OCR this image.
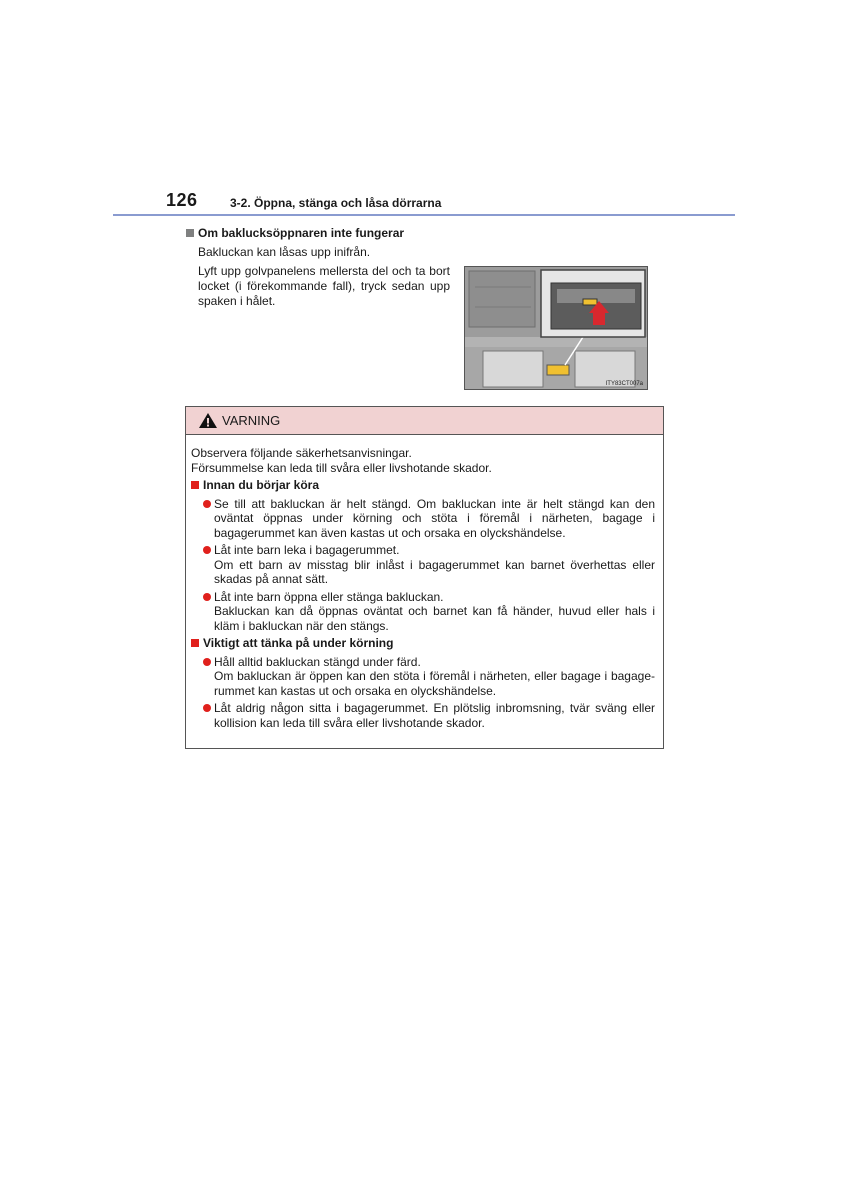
126	3-2. Öppna, stänga och låsa dörrarna
Om baklucksöppnaren inte fungerar
Bakluckan kan låsas upp inifrån.
Lyft upp golvpanelens mellersta del och ta bort locket (i förekommande fall), tryck sedan upp spaken i hålet.
ITY83CT007a
VARNING
Observera följande säkerhetsanvisningar.
Försummelse kan leda till svåra eller livshotande skador.
Innan du börjar köra
Se till att bakluckan är helt stängd. Om bakluckan inte är helt stängd kan den oväntat öppnas under körning och stöta i föremål i närheten, bagage i bagagerummet kan även kastas ut och orsaka en olyckshändelse.
Låt inte barn leka i bagagerummet.
Om ett barn av misstag blir inlåst i bagagerummet kan barnet överhettas eller skadas på annat sätt.
Låt inte barn öppna eller stänga bakluckan.
Bakluckan kan då öppnas oväntat och barnet kan få händer, huvud eller hals i kläm i bakluckan när den stängs.
Viktigt att tänka på under körning
Håll alltid bakluckan stängd under färd.
Om bakluckan är öppen kan den stöta i föremål i närheten, eller bagage i bagage-rummet kan kastas ut och orsaka en olyckshändelse.
Låt aldrig någon sitta i bagagerummet. En plötslig inbromsning, tvär sväng eller kollision kan leda till svåra eller livshotande skador.
